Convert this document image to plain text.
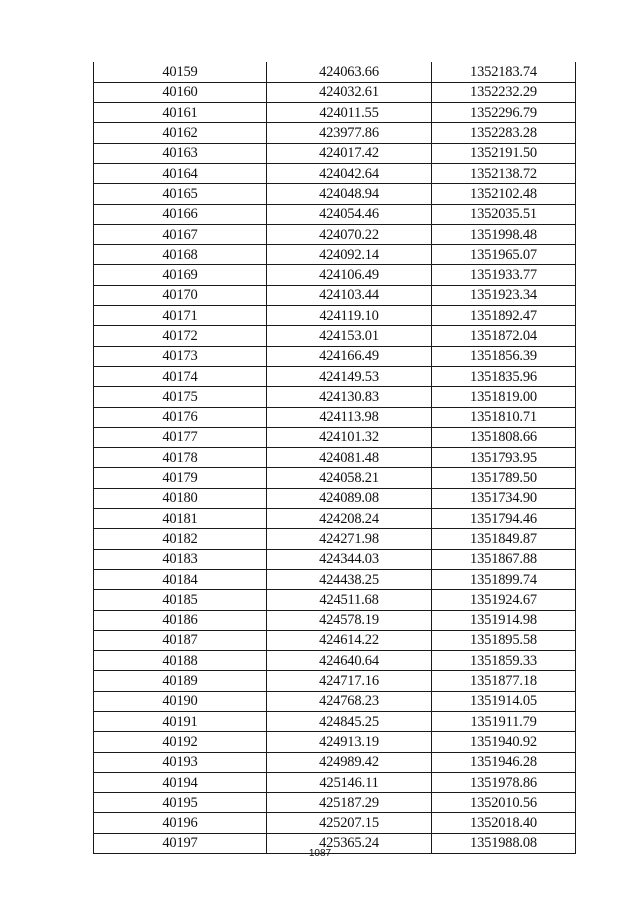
40159	424063.66	1352183.74
40160	424032.61	1352232.29
40161	424011.55	1352296.79
40162	423977.86	1352283.28
40163	424017.42	1352191.50
40164	424042.64	1352138.72
40165	424048.94	1352102.48
40166	424054.46	1352035.51
40167	424070.22	1351998.48
40168	424092.14	1351965.07
40169	424106.49	1351933.77
40170	424103.44	1351923.34
40171	424119.10	1351892.47
40172	424153.01	1351872.04
40173	424166.49	1351856.39
40174	424149.53	1351835.96
40175	424130.83	1351819.00
40176	424113.98	1351810.71
40177	424101.32	1351808.66
40178	424081.48	1351793.95
40179	424058.21	1351789.50
40180	424089.08	1351734.90
40181	424208.24	1351794.46
40182	424271.98	1351849.87
40183	424344.03	1351867.88
40184	424438.25	1351899.74
40185	424511.68	1351924.67
40186	424578.19	1351914.98
40187	424614.22	1351895.58
40188	424640.64	1351859.33
40189	424717.16	1351877.18
40190	424768.23	1351914.05
40191	424845.25	1351911.79
40192	424913.19	1351940.92
40193	424989.42	1351946.28
40194	425146.11	1351978.86
40195	425187.29	1352010.56
40196	425207.15	1352018.40
40197	425365.24	1351988.08
1087
